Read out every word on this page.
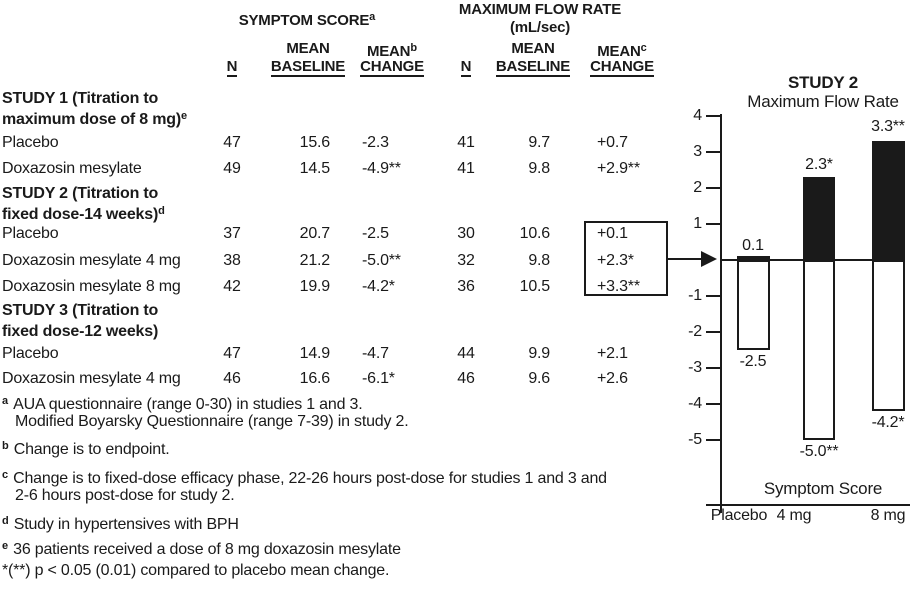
SYMPTOM SCORE$^a$	MAXIMUM FLOW RATE
(mL/sec)
MEAN	MEAN$^b$	MEAN	MEAN$^c$
N	BASELINE CHANGE	N	BASELINE	CHANGE
STUDY 1 (Titration to
maximum dose of 8 mg)$^e$
Placebo	47	15.6 -2.3	41	9.7	+0.7
Doxazosin mesylate	49	14.5 -4.9**	41	9.8	+2.9**
STUDY 2 (Titration to
fixed dose-14 weeks)$^d$
Placebo	37	20.7 -2.5	30	10.6	+0.1
Doxazosin mesylate 4 mg	38	21.2 -5.0**	32	9.8	+2.3*
Doxazosin mesylate 8 mg	42	19.9 -4.2*	36	10.5	+3.3**
STUDY 3 (Titration to
fixed dose-12 weeks)
Placebo	47	14.9 -4.7	44	9.9	+2.1
Doxazosin mesylate 4 mg	46	16.6 -6.1*	46	9.6	+2.6
$^a$ AUA questionnaire (range 0-30) in studies 1 and 3.
Modified Boyarsky Questionnaire (range 7-39) in study 2.
$^b$ Change is to endpoint.
$^c$ Change is to fixed-dose efficacy phase, 22-26 hours post-dose for studies 1 and 3 and
2-6 hours post-dose for study 2.
$^d$ Study in hypertensives with BPH
$^e$ 36 patients received a dose of 8 mg doxazosin mesylate
*(**) p < 0.05 (0.01) compared to placebo mean change.
STUDY 2
Maximum Flow Rate
4
3
2
1
-1
-2
-3
-4
-5
0.1
2.3*
3.3**
-2.5
-5.0**
-4.2*
Symptom Score
Placebo 4 mg	8 mg
